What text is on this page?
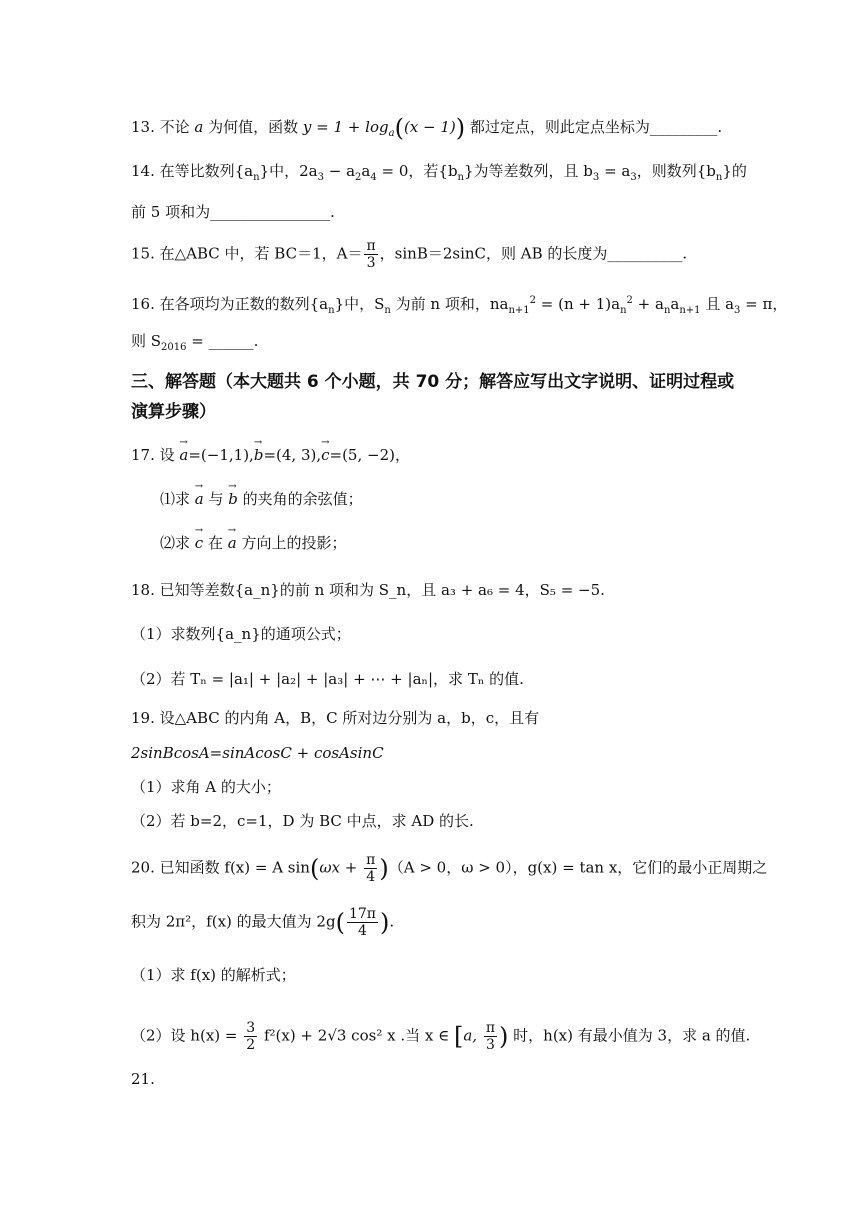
13. 不论 a 为何值，函数 $y = 1 + \log_a((x - 1))$ 都过定点，则此定点坐标为_________.
14. 在等比数列$\{a_n\}$中，$2a_3 - a_2a_4 = 0$，若$\{b_n\}$为等差数列，且 $b_3 = a_3$，则数列$\{b_n\}$的
前 5 项和为________________.
15. 在△ABC 中，若 BC＝1，$A= \frac{\pi}{3}$ ，sinB＝2sinC，则 AB 的长度为__________.
16. 在各项均为正数的数列$\{a_n\}$中，$S_n$ 为前 n 项和，$na_{n+1}^2 = (n + 1)a_n^2 + a_na_{n+1}$ 且 $a_3 = \pi$，
则 $S_{2016}$ = ______.
三、解答题（本大题共 6 个小题，共 70 分；解答应写出文字说明、证明过程或
演算步骤）
17. 设 → a=(−1,1),→ b=(4, 3),→ c=(5, −2)，
⑴求 → a 与 → b 的夹角的余弦值；
⑵求 → c 在 → a 方向上的投影；
18. 已知等差数{a_n}的前 n 项和为 S_n，且 a₃ + a₆ = 4，S₅ = −5.
（1）求数列{a_n}的通项公式；
（2）若 Tₙ = |a₁| + |a₂| + |a₃| + ⋯ + |aₙ|，求 Tₙ 的值.
19. 设△ABC 的内角 A，B，C 所对边分别为 a，b，c，且有
2sinBcosA=sinAcosC + cosAsinC
（1）求角 A 的大小；
（2）若 b=2，c=1，D 为 BC 中点，求 AD 的长.
20. 已知函数 f(x) = A $\sin(\omega x + \frac{\pi}{4} )(A > 0$，ω > 0），g(x) = tan x，它们的最小正周期之
积为 2π²，f(x) 的最大值为 $2g( \frac{17\pi}{4}$ ).
（1）求 f(x) 的解析式；
（2）设 $h(x) = \frac{3}{2} f^2(x) + 2√3$ cos² x .当 x ∈ [a, $\frac{\pi}{3}$ ) 时，h(x) 有最小值为 3，求 a 的值.
21.
